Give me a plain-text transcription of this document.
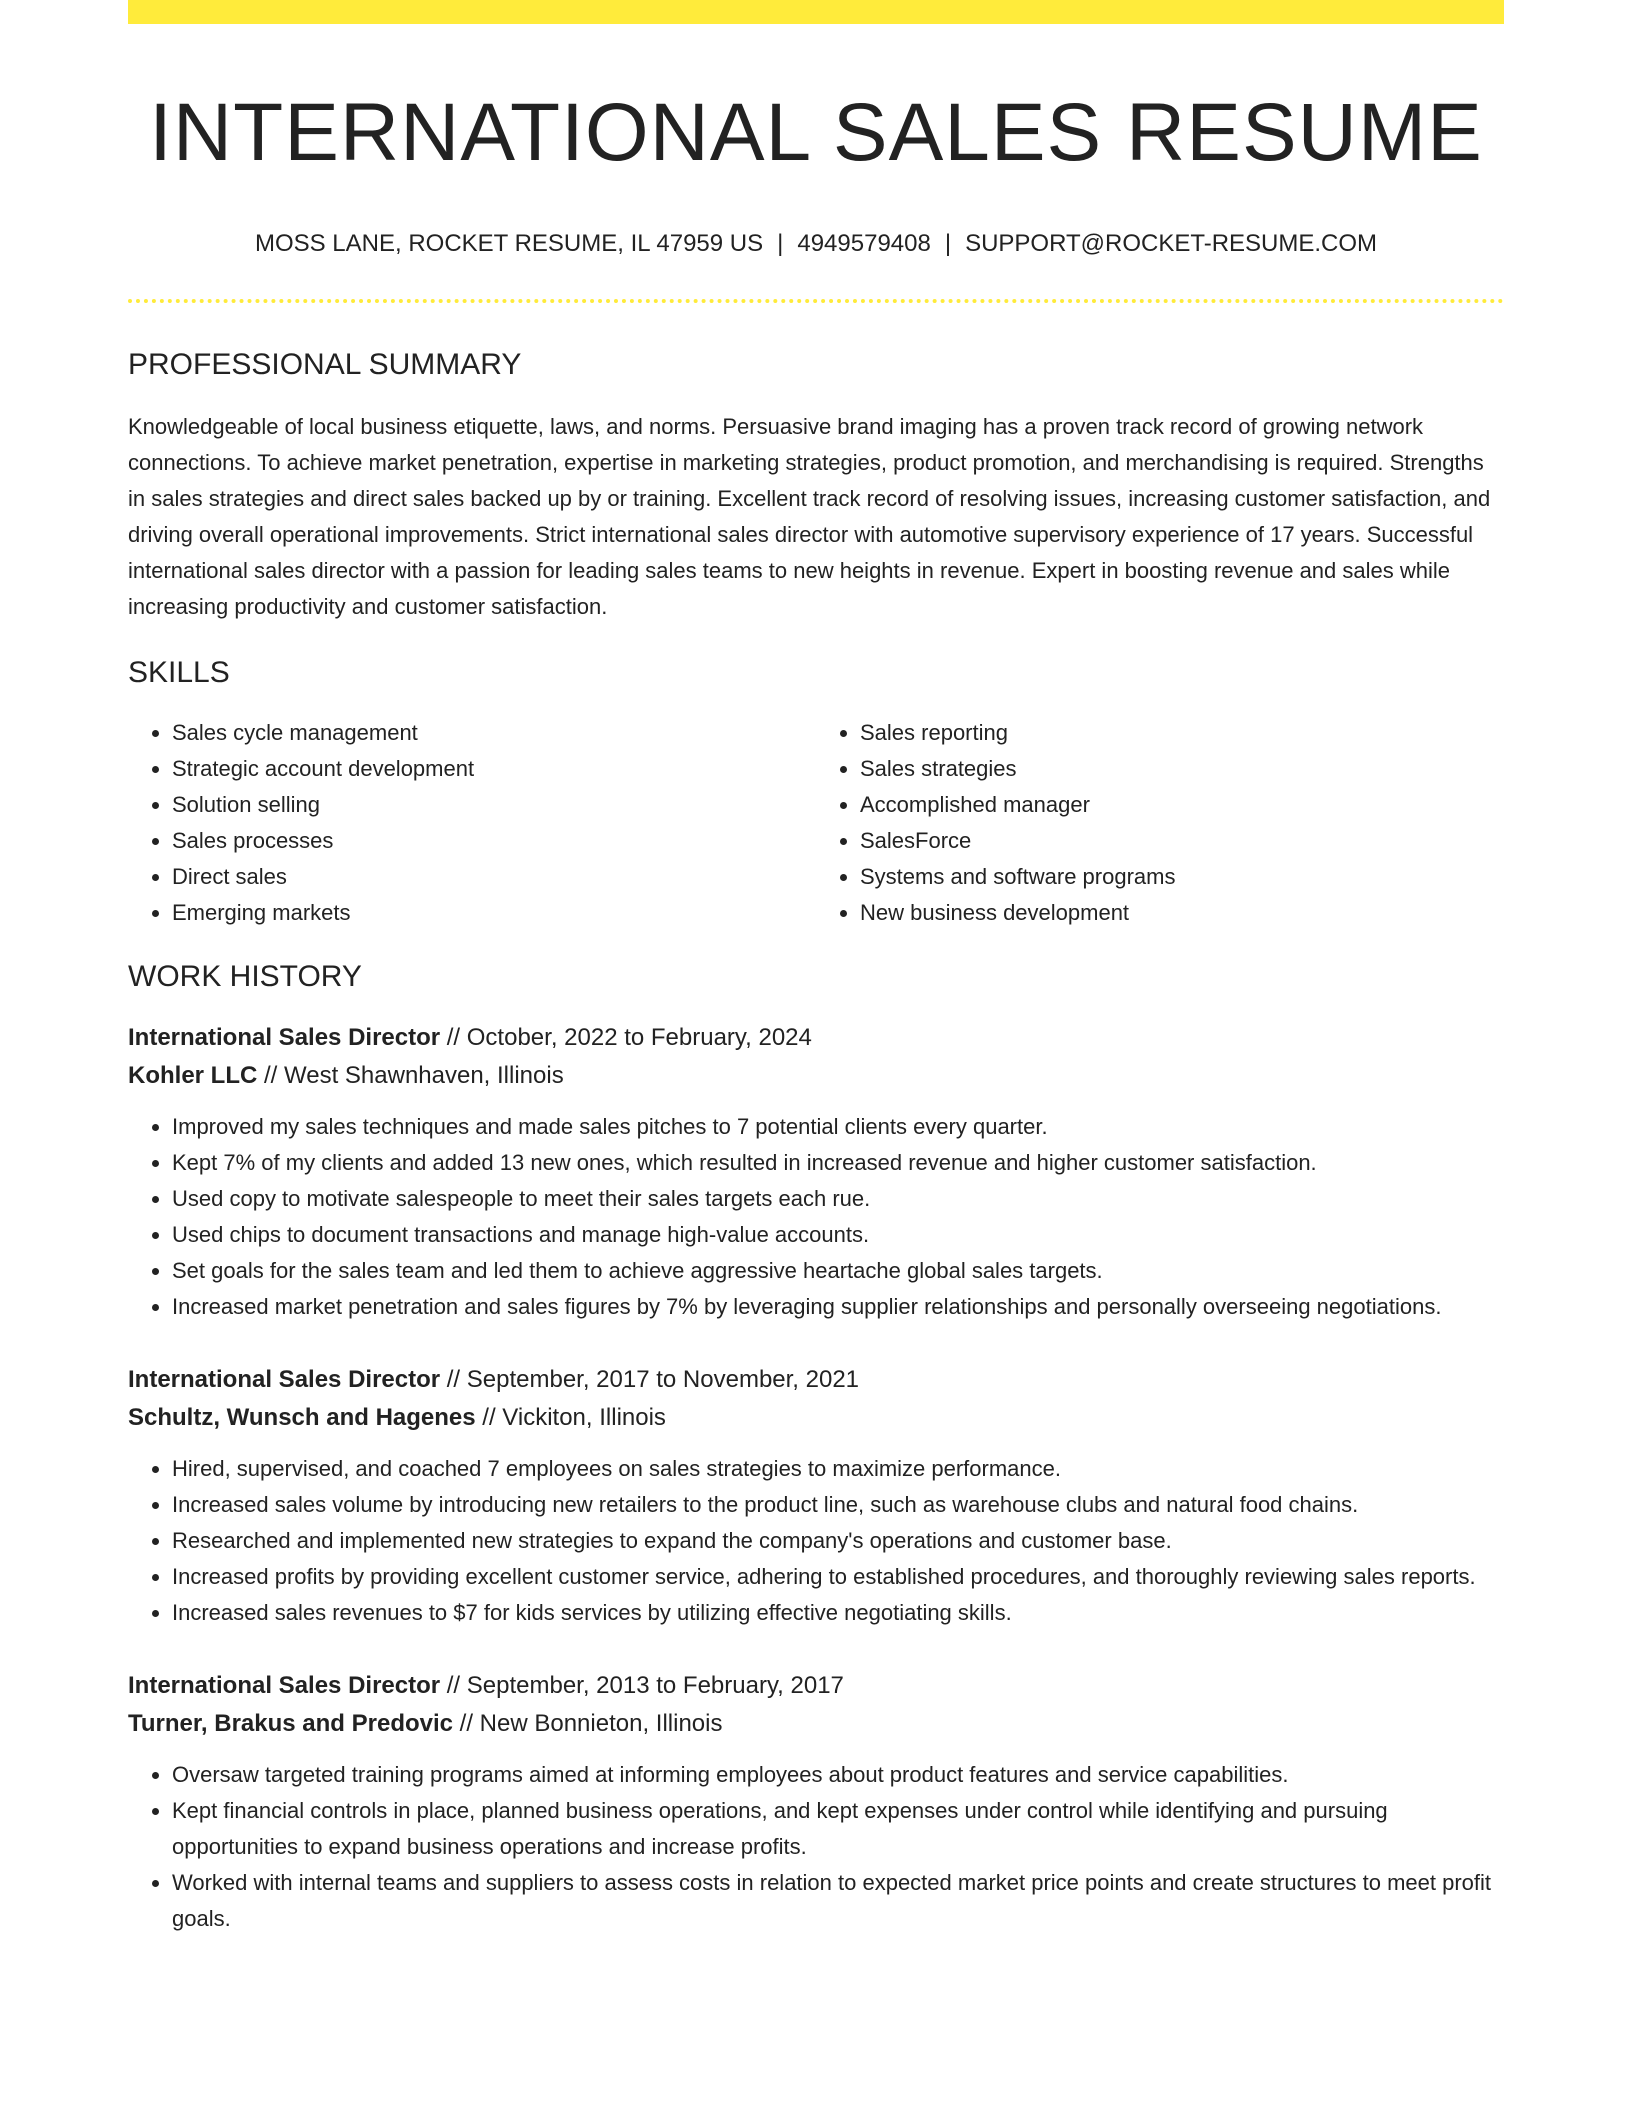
INTERNATIONAL SALES RESUME
MOSS LANE, ROCKET RESUME, IL 47959 US | 4949579408 | SUPPORT@ROCKET-RESUME.COM
PROFESSIONAL SUMMARY

Knowledgeable of local business etiquette, laws, and norms. Persuasive brand imaging has a proven track record of growing network connections. To achieve market penetration, expertise in marketing strategies, product promotion, and merchandising is required. Strengths in sales strategies and direct sales backed up by or training. Excellent track record of resolving issues, increasing customer satisfaction, and driving overall operational improvements. Strict international sales director with automotive supervisory experience of 17 years. Successful international sales director with a passion for leading sales teams to new heights in revenue. Expert in boosting revenue and sales while increasing productivity and customer satisfaction.

SKILLS
• Sales cycle management
• Strategic account development
• Solution selling
• Sales processes
• Direct sales
• Emerging markets
• Sales reporting
• Sales strategies
• Accomplished manager
• SalesForce
• Systems and software programs
• New business development
WORK HISTORY
International Sales Director // October, 2022 to February, 2024
Kohler LLC // West Shawnhaven, Illinois
• Improved my sales techniques and made sales pitches to 7 potential clients every quarter.
• Kept 7% of my clients and added 13 new ones, which resulted in increased revenue and higher customer satisfaction.
• Used copy to motivate salespeople to meet their sales targets each rue.
• Used chips to document transactions and manage high-value accounts.
• Set goals for the sales team and led them to achieve aggressive heartache global sales targets.
• Increased market penetration and sales figures by 7% by leveraging supplier relationships and personally overseeing negotiations.
International Sales Director // September, 2017 to November, 2021
Schultz, Wunsch and Hagenes // Vickiton, Illinois
• Hired, supervised, and coached 7 employees on sales strategies to maximize performance.
• Increased sales volume by introducing new retailers to the product line, such as warehouse clubs and natural food chains.
• Researched and implemented new strategies to expand the company's operations and customer base.
• Increased profits by providing excellent customer service, adhering to established procedures, and thoroughly reviewing sales reports.
• Increased sales revenues to $7 for kids services by utilizing effective negotiating skills.
International Sales Director // September, 2013 to February, 2017
Turner, Brakus and Predovic // New Bonnieton, Illinois
• Oversaw targeted training programs aimed at informing employees about product features and service capabilities.
• Kept financial controls in place, planned business operations, and kept expenses under control while identifying and pursuing opportunities to expand business operations and increase profits.
• Worked with internal teams and suppliers to assess costs in relation to expected market price points and create structures to meet profit goals.
